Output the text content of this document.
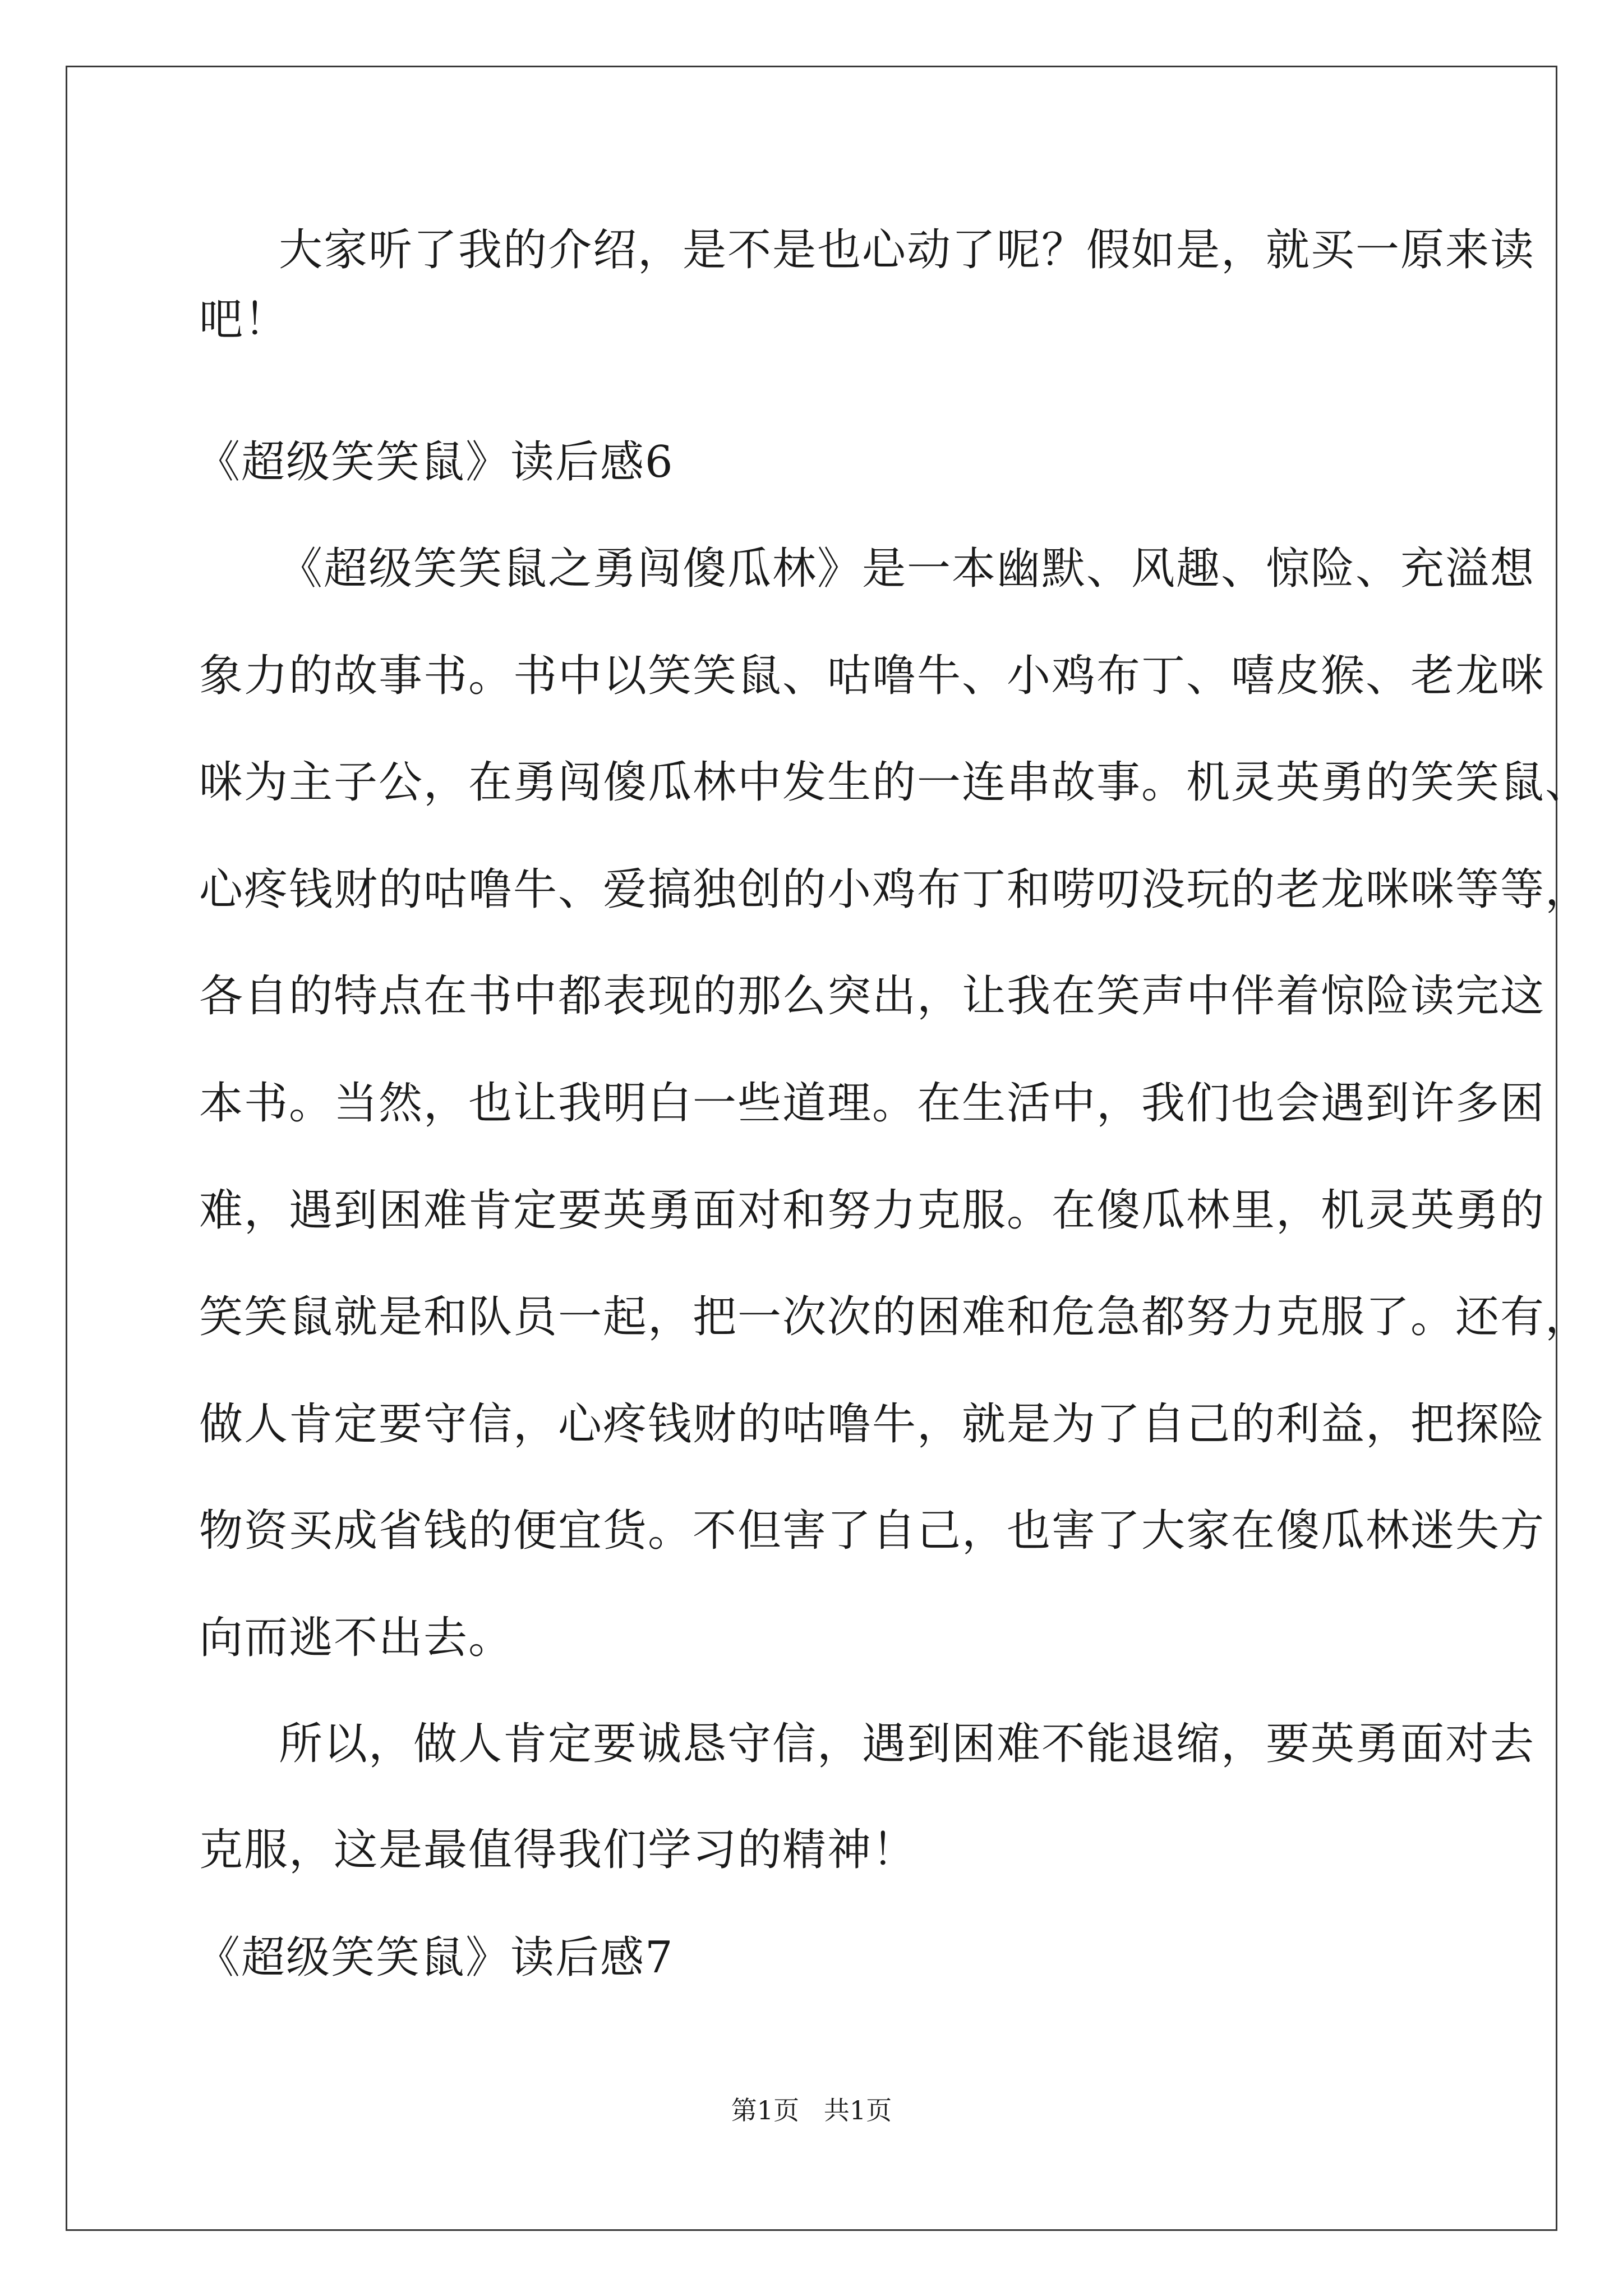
大家听了我的介绍，是不是也心动了呢？假如是，就买一原来读
吧！
《超级笑笑鼠》读后感6
《超级笑笑鼠之勇闯傻瓜林》是一本幽默、风趣、惊险、充溢想
象力的故事书。书中以笑笑鼠、咕噜牛、小鸡布丁、嘻皮猴、老龙咪
咪为主子公，在勇闯傻瓜林中发生的一连串故事。机灵英勇的笑笑鼠、
心疼钱财的咕噜牛、爱搞独创的小鸡布丁和唠叨没玩的老龙咪咪等等，
各自的特点在书中都表现的那么突出，让我在笑声中伴着惊险读完这
本书。当然，也让我明白一些道理。在生活中，我们也会遇到许多困
难，遇到困难肯定要英勇面对和努力克服。在傻瓜林里，机灵英勇的
笑笑鼠就是和队员一起，把一次次的困难和危急都努力克服了。还有，
做人肯定要守信，心疼钱财的咕噜牛，就是为了自己的利益，把探险
物资买成省钱的便宜货。不但害了自己，也害了大家在傻瓜林迷失方
向而逃不出去。
所以，做人肯定要诚恳守信，遇到困难不能退缩，要英勇面对去
克服，这是最值得我们学习的精神！
《超级笑笑鼠》读后感7
第1页   共1页
